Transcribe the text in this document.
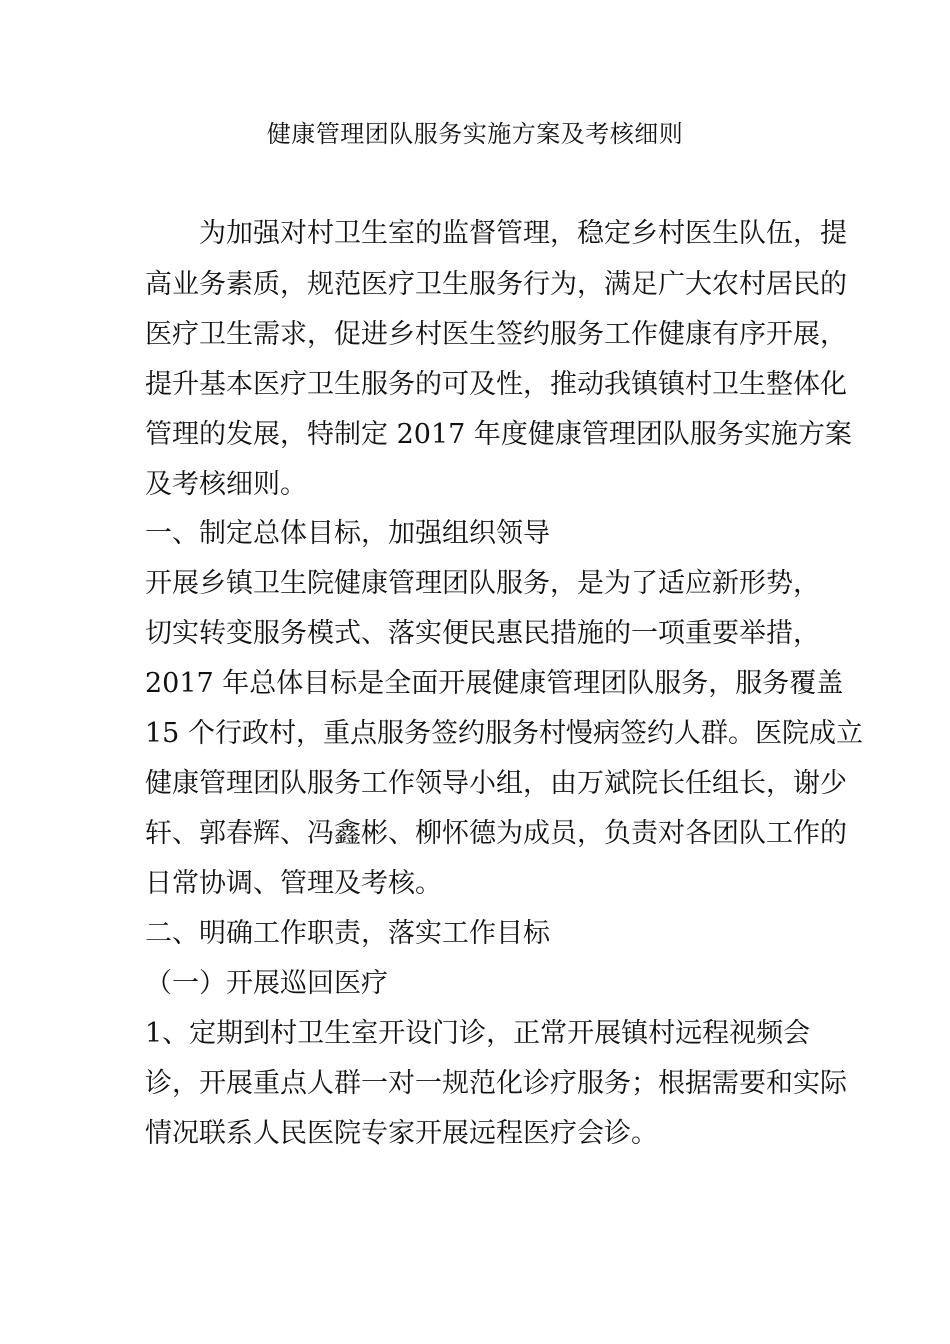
健康管理团队服务实施方案及考核细则
　　为加强对村卫生室的监督管理，稳定乡村医生队伍，提
高业务素质，规范医疗卫生服务行为，满足广大农村居民的
医疗卫生需求，促进乡村医生签约服务工作健康有序开展，
提升基本医疗卫生服务的可及性，推动我镇镇村卫生整体化
管理的发展，特制定 2017 年度健康管理团队服务实施方案
及考核细则。
一、制定总体目标，加强组织领导
开展乡镇卫生院健康管理团队服务，是为了适应新形势，
切实转变服务模式、落实便民惠民措施的一项重要举措，
2017 年总体目标是全面开展健康管理团队服务，服务覆盖
15 个行政村，重点服务签约服务村慢病签约人群。医院成立
健康管理团队服务工作领导小组，由万斌院长任组长，谢少
轩、郭春辉、冯鑫彬、柳怀德为成员，负责对各团队工作的
日常协调、管理及考核。
二、明确工作职责，落实工作目标
（一）开展巡回医疗
1、定期到村卫生室开设门诊，正常开展镇村远程视频会
诊，开展重点人群一对一规范化诊疗服务；根据需要和实际
情况联系人民医院专家开展远程医疗会诊。
